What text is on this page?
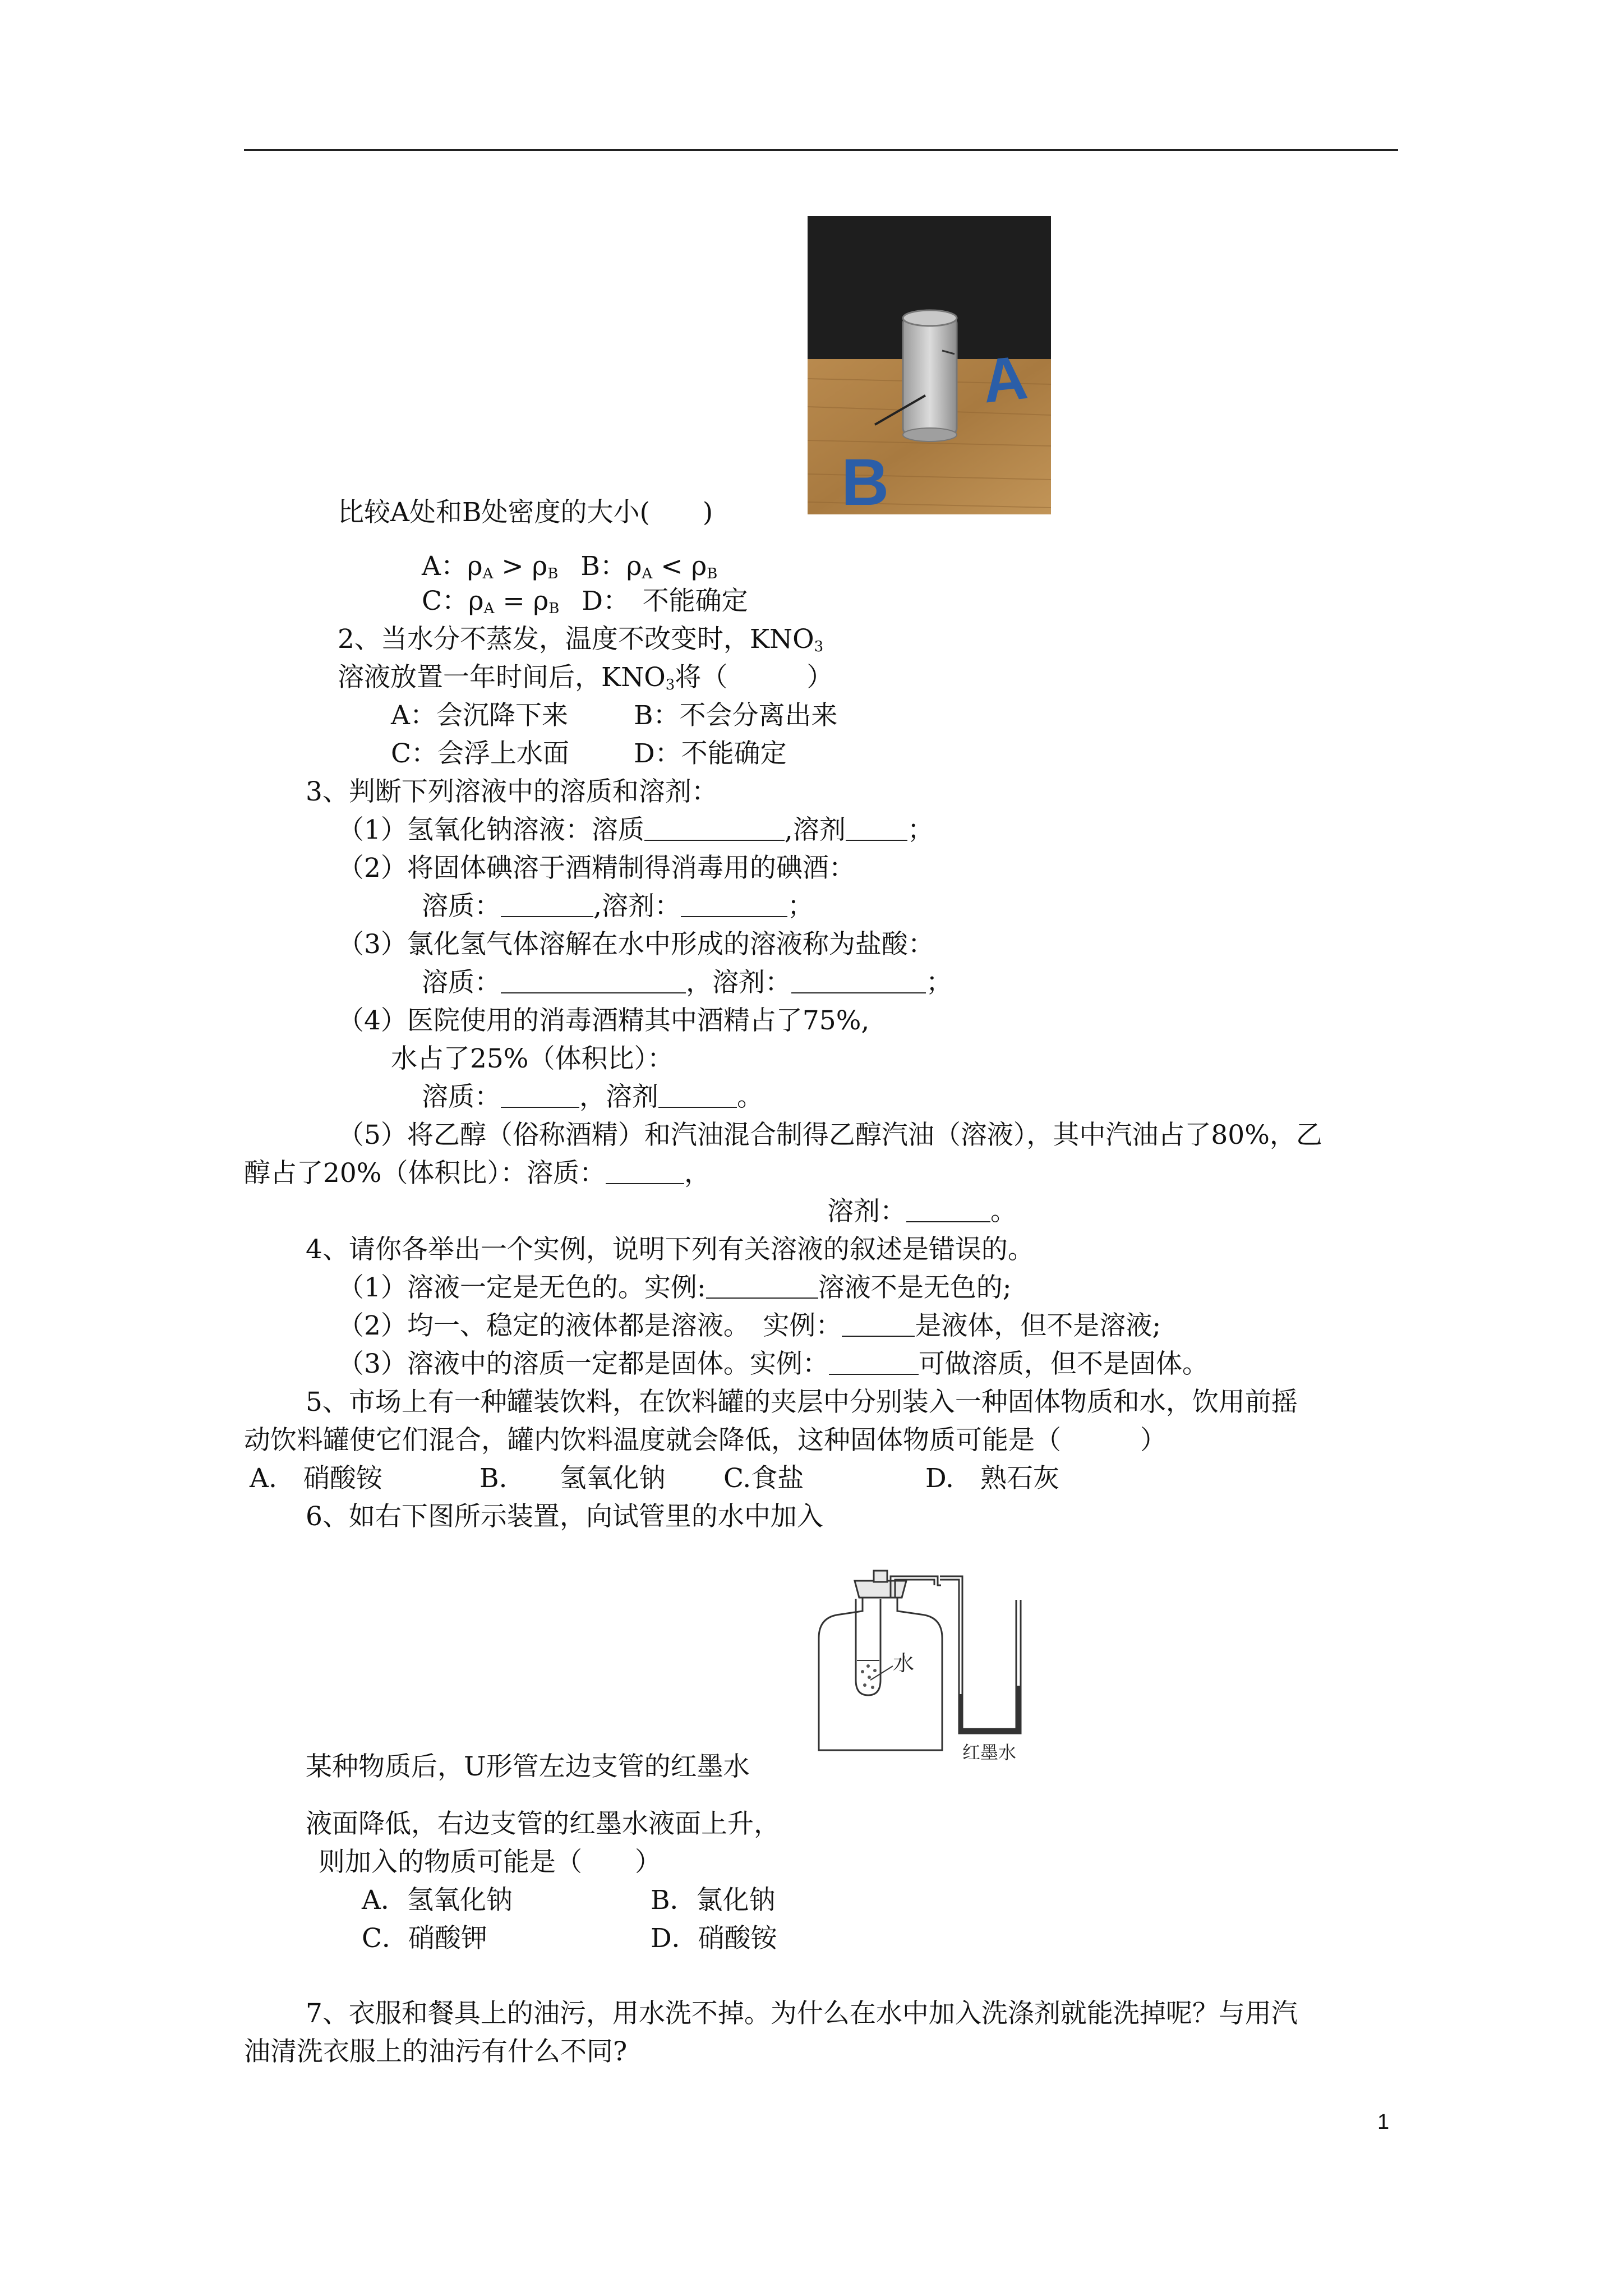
A
B
比较A处和B处密度的大小(　　)
A：$\rho_A > \rho_B$ B：$\rho_A < \rho_B$
C：$\rho_A = \rho_B$ D：　不能确定
2、当水分不蒸发，温度不改变时，$KNO_3$
溶液放置一年时间后，$KNO_3$将（　　　）
A：会沉降下来 B：不会分离出来
C：会浮上水面 D：不能确定
3、判断下列溶液中的溶质和溶剂：
（1）氢氧化钠溶液：溶质	,溶剂 ；
（2）将固体碘溶于酒精制得消毒用的碘酒：
溶质：	,溶剂：	；
（3）氯化氢气体溶解在水中形成的溶液称为盐酸：
溶质：	，溶剂：	；
（4）医院使用的消毒酒精其中酒精占了75%,
水占了25%（体积比）：
溶质：	，溶剂	。
（5）将乙醇（俗称酒精）和汽油混合制得乙醇汽油（溶液），其中汽油占了80%，乙
醇占了20%（体积比）：溶质：	，
溶剂：	。
4、请你各举出一个实例，说明下列有关溶液的叙述是错误的。
（1）溶液一定是无色的。实例:	溶液不是无色的;
（2）均一、稳定的液体都是溶液。　实例：	是液体，但不是溶液;
（3）溶液中的溶质一定都是固体。实例：	可做溶质，但不是固体。
5、市场上有一种罐装饮料，在饮料罐的夹层中分别装入一种固体物质和水，饮用前摇
动饮料罐使它们混合，罐内饮料温度就会降低，这种固体物质可能是（　　　）
A.　硝酸铵	B.　　氢氧化钠 C.食盐	D.　熟石灰
6、如右下图所示装置，向试管里的水中加入
水
红墨水
某种物质后，U形管左边支管的红墨水
液面降低，右边支管的红墨水液面上升，
则加入的物质可能是（　　）
A．氢氧化钠	B．氯化钠
C．硝酸钾	D．硝酸铵
7、衣服和餐具上的油污，用水洗不掉。为什么在水中加入洗涤剂就能洗掉呢？与用汽
油清洗衣服上的油污有什么不同?
1
